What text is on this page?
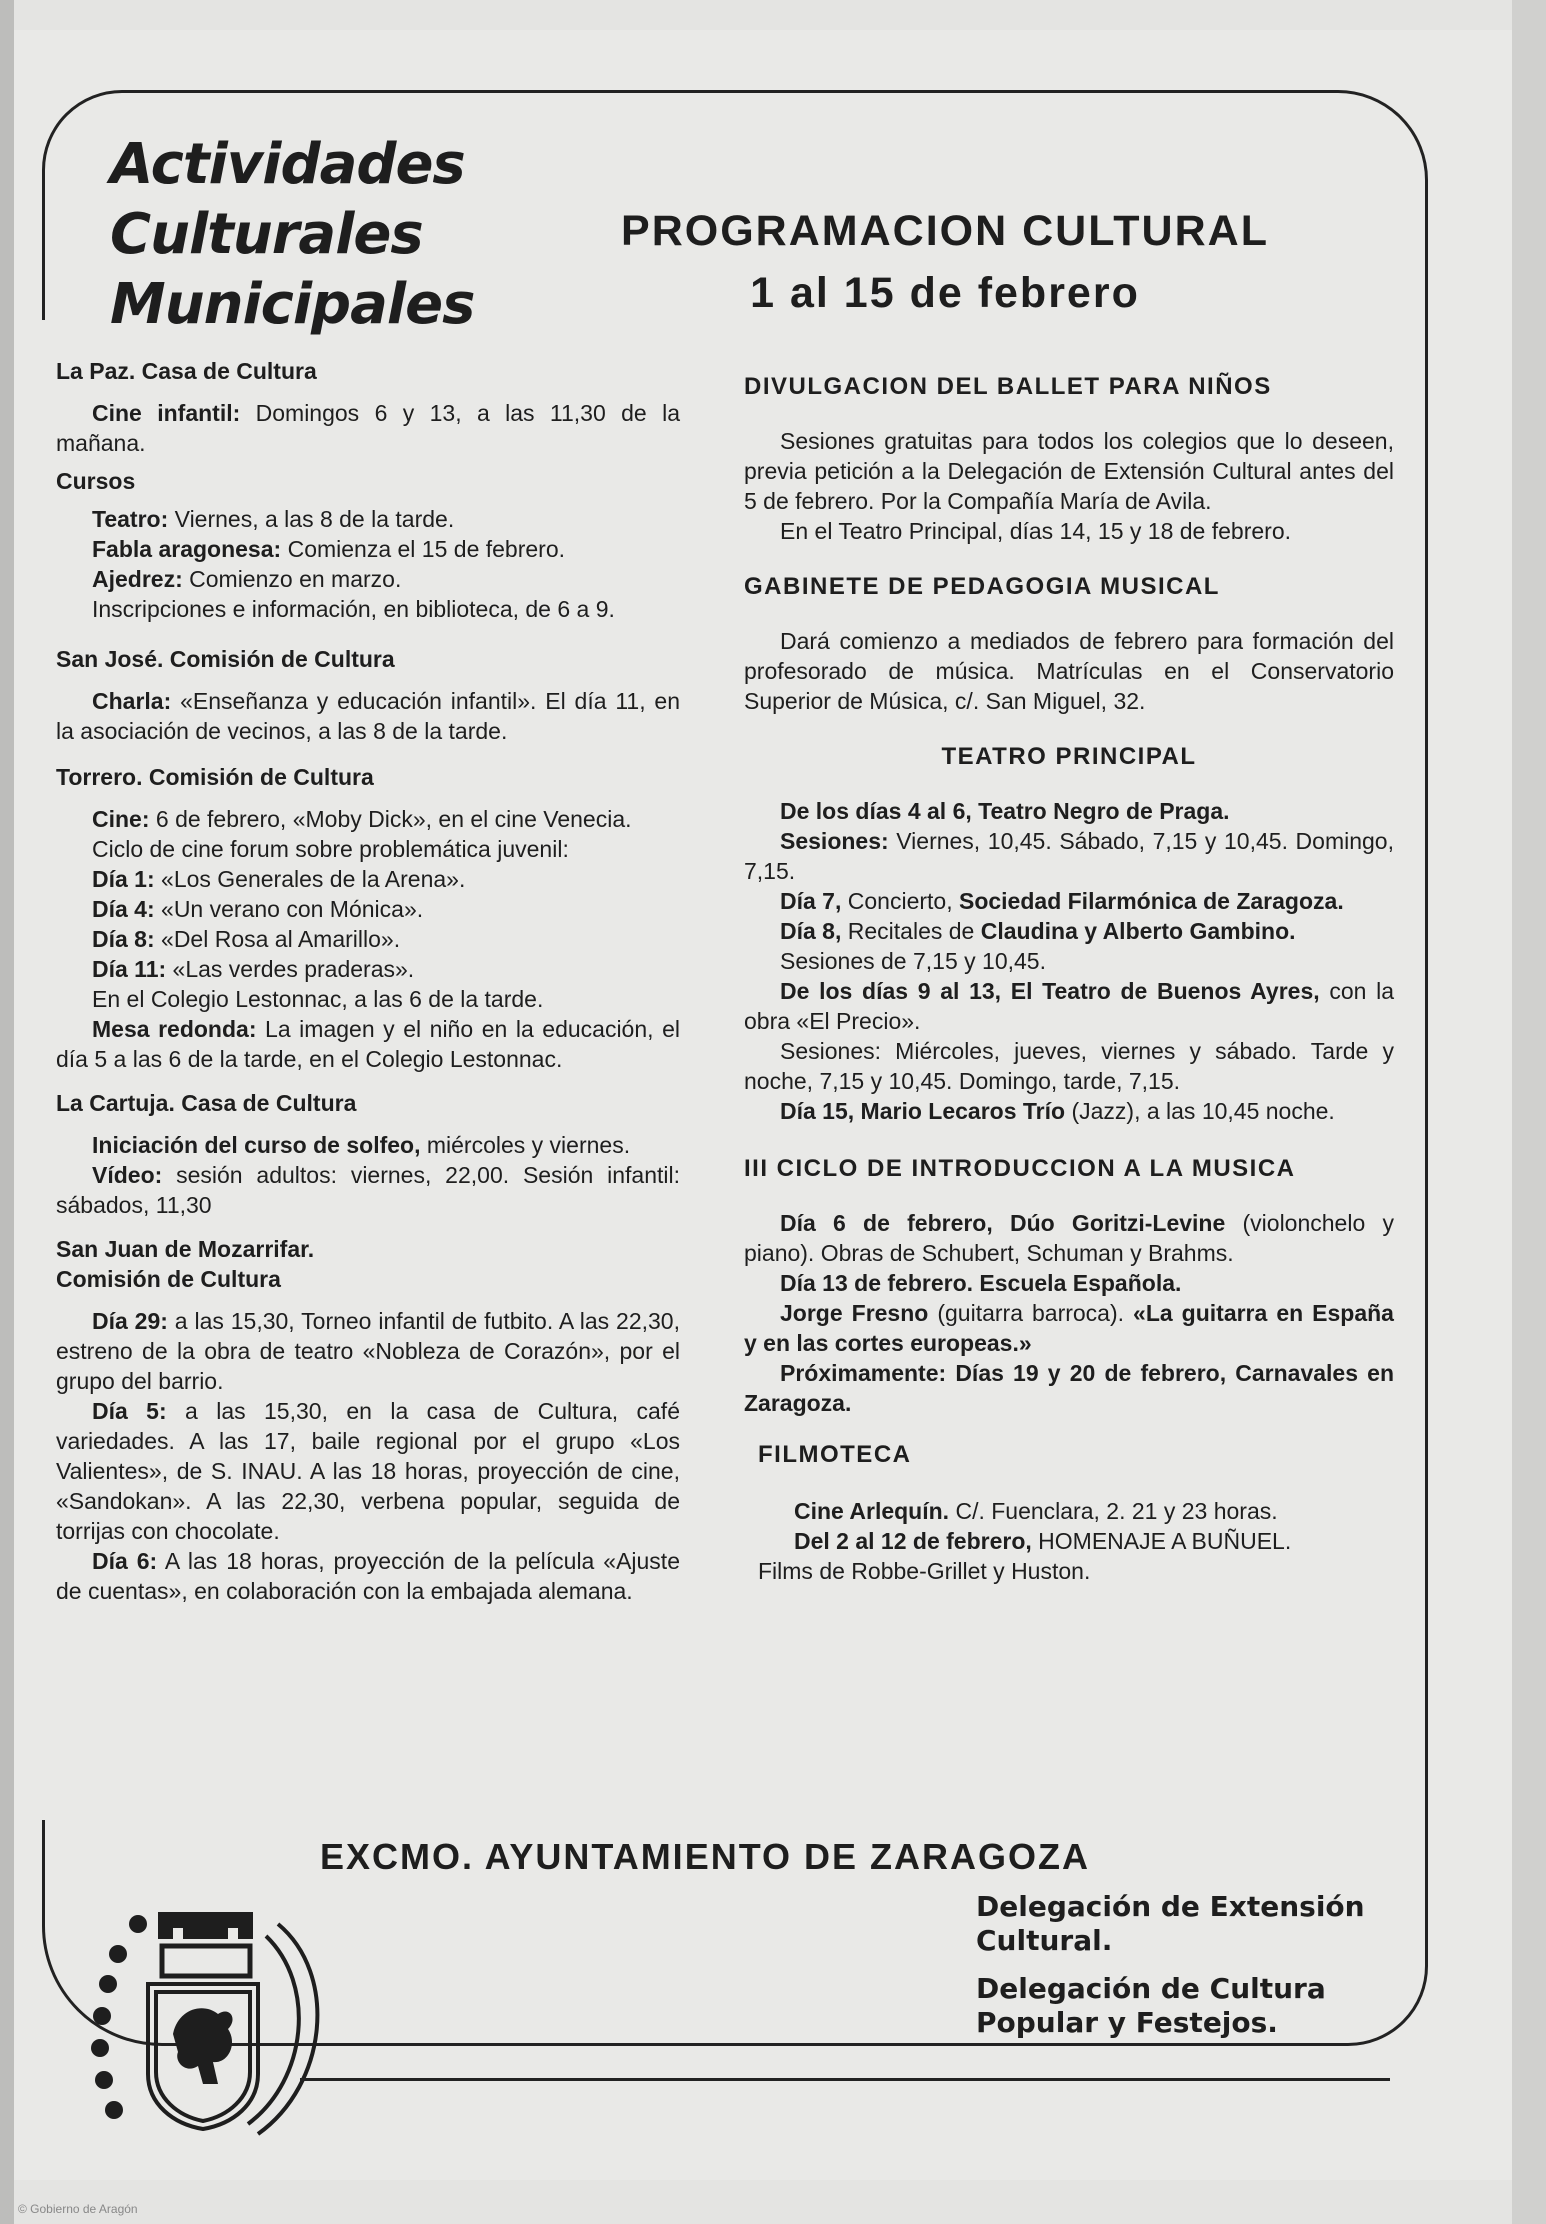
Actividades
Culturales
Municipales
PROGRAMACION CULTURAL
1 al 15 de febrero

La Paz. Casa de Cultura

Cine infantil: Domingos 6 y 13, a las 11,30 de la mañana.

Cursos

Teatro: Viernes, a las 8 de la tarde.

Fabla aragonesa: Comienza el 15 de febrero.

Ajedrez: Comienzo en marzo.

Inscripciones e información, en biblioteca, de 6 a 9.

San José. Comisión de Cultura

Charla: «Enseñanza y educación infantil». El día 11, en la asociación de vecinos, a las 8 de la tarde.

Torrero. Comisión de Cultura

Cine: 6 de febrero, «Moby Dick», en el cine Venecia.

Ciclo de cine forum sobre problemática juvenil:

Día 1: «Los Generales de la Arena».

Día 4: «Un verano con Mónica».

Día 8: «Del Rosa al Amarillo».

Día 11: «Las verdes praderas».

En el Colegio Lestonnac, a las 6 de la tarde.

Mesa redonda: La imagen y el niño en la educación, el día 5 a las 6 de la tarde, en el Colegio Lestonnac.

La Cartuja. Casa de Cultura

Iniciación del curso de solfeo, miércoles y viernes.

Vídeo: sesión adultos: viernes, 22,00. Sesión infantil: sábados, 11,30

San Juan de Mozarrifar.

Comisión de Cultura

Día 29: a las 15,30, Torneo infantil de futbito. A las 22,30, estreno de la obra de teatro «Nobleza de Corazón», por el grupo del barrio.

Día 5: a las 15,30, en la casa de Cultura, café variedades. A las 17, baile regional por el grupo «Los Valientes», de S. INAU. A las 18 horas, proyección de cine, «Sandokan». A las 22,30, verbena popular, seguida de torrijas con chocolate.

Día 6: A las 18 horas, proyección de la película «Ajuste de cuentas», en colaboración con la embajada alemana.

DIVULGACION DEL BALLET PARA NIÑOS

Sesiones gratuitas para todos los colegios que lo deseen, previa petición a la Delegación de Extensión Cultural antes del 5 de febrero. Por la Compañía María de Avila.

En el Teatro Principal, días 14, 15 y 18 de febrero.

GABINETE DE PEDAGOGIA MUSICAL

Dará comienzo a mediados de febrero para formación del profesorado de música. Matrículas en el Conservatorio Superior de Música, c/. San Miguel, 32.

TEATRO PRINCIPAL

De los días 4 al 6, Teatro Negro de Praga.

Sesiones: Viernes, 10,45. Sábado, 7,15 y 10,45. Domingo, 7,15.

Día 7, Concierto, Sociedad Filarmónica de Zaragoza.

Día 8, Recitales de Claudina y Alberto Gambino.

Sesiones de 7,15 y 10,45.

De los días 9 al 13, El Teatro de Buenos Ayres, con la obra «El Precio».

Sesiones: Miércoles, jueves, viernes y sábado. Tarde y noche, 7,15 y 10,45. Domingo, tarde, 7,15.

Día 15, Mario Lecaros Trío (Jazz), a las 10,45 noche.

III CICLO DE INTRODUCCION A LA MUSICA

Día 6 de febrero, Dúo Goritzi-Levine (violonchelo y piano). Obras de Schubert, Schuman y Brahms.

Día 13 de febrero. Escuela Española.

Jorge Fresno (guitarra barroca). «La guitarra en España y en las cortes europeas.»

Próximamente: Días 19 y 20 de febrero, Carnavales en Zaragoza.

FILMOTECA

Cine Arlequín. C/. Fuenclara, 2. 21 y 23 horas.

Del 2 al 12 de febrero, HOMENAJE A BUÑUEL.

Films de Robbe-Grillet y Huston.

EXCMO. AYUNTAMIENTO DE ZARAGOZA
Delegación de Extensión Cultural.
Delegación de Cultura Popular y Festejos.
© Gobierno de Aragón
